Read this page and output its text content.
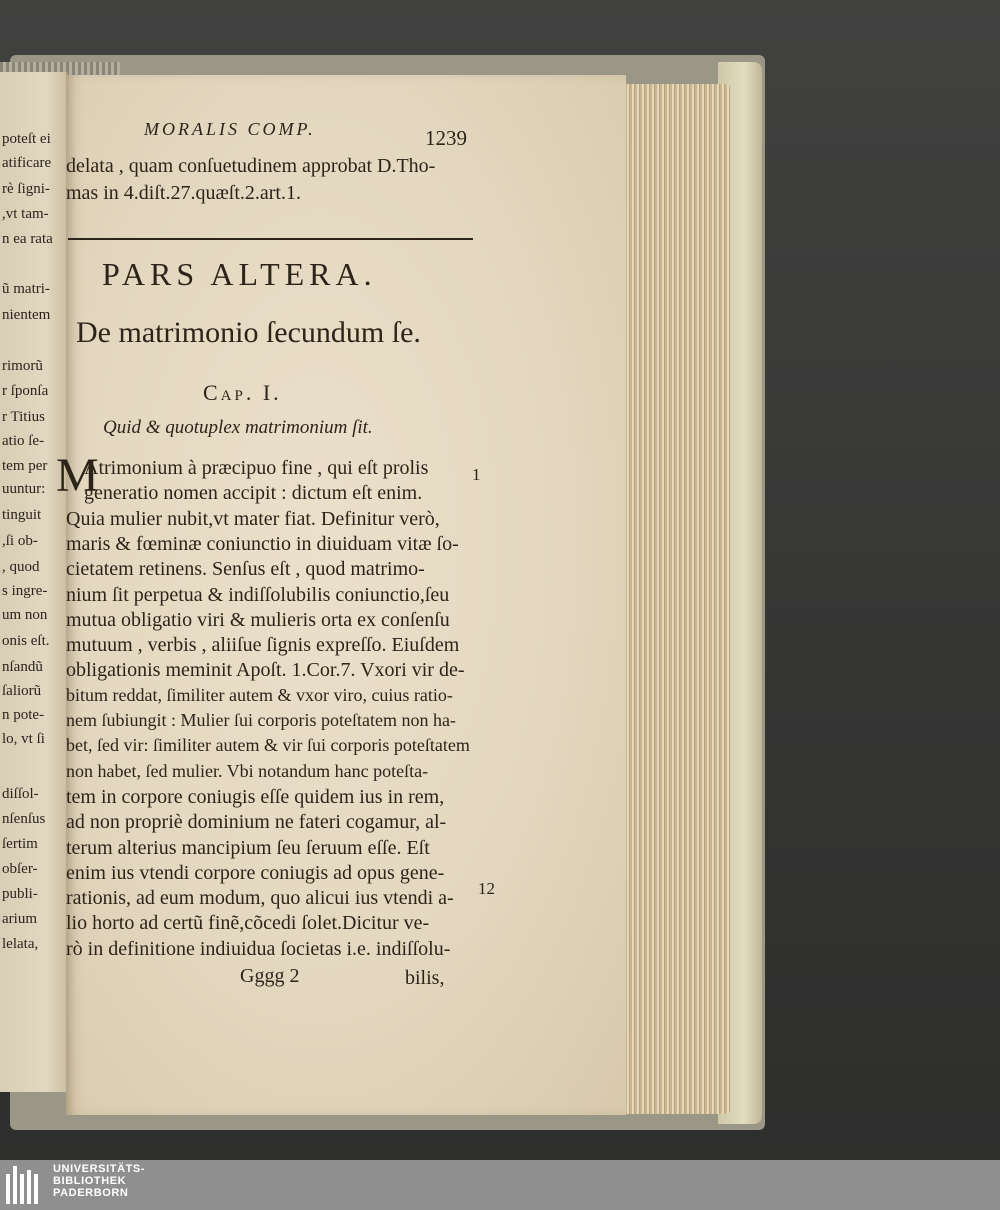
poteſt ei
atificare
rè ſigni-
,vt tam-
n ea rata
ũ matri-
nientem
rimorũ
r ſponſa
r Titius
atio ſe-
tem per
uuntur:
tinguit
,ſi ob-
, quod
s ingre-
um non
onis eſt.
nſandũ
ſaliorũ
n pote-
lo, vt ſi
diſſol-
nſenſus
ſertim
obſer-
publi-
arium
lelata,
MORALIS COMP.	1239
delata , quam conſuetudinem approbat D.Tho-
mas in 4.diſt.27.quæſt.2.art.1.
PARS ALTERA.
De matrimonio ſecundum ſe.
Cap. I.
Quid & quotuplex matrimonium ſit.
M	1
12
Atrimonium à præcipuo fine , qui eſt prolis
generatio nomen accipit : dictum eſt enim.
Quia mulier nubit,vt mater fiat. Definitur verò,
maris & fœminæ coniunctio in diuiduam vitæ ſo-
cietatem retinens. Senſus eſt , quod matrimo-
nium ſit perpetua & indiſſolubilis coniunctio,ſeu
mutua obligatio viri & mulieris orta ex conſenſu
mutuum , verbis , aliiſue ſignis expreſſo. Eiuſdem
obligationis meminit Apoſt. 1.Cor.7. Vxori vir de-
bitum reddat, ſimiliter autem & vxor viro, cuius ratio-
nem ſubiungit : Mulier ſui corporis poteſtatem non ha-
bet, ſed vir: ſimiliter autem & vir ſui corporis poteſtatem
non habet, ſed mulier. Vbi notandum hanc poteſta-
tem in corpore coniugis eſſe quidem ius in rem,
ad non propriè dominium ne fateri cogamur, al-
terum alterius mancipium ſeu ſeruum eſſe. Eſt
enim ius vtendi corpore coniugis ad opus gene-
rationis, ad eum modum, quo alicui ius vtendi a-
lio horto ad certũ finẽ,cõcedi ſolet.Dicitur ve-
rò in definitione indiuidua ſocietas i.e. indiſſolu-
Gggg 2	bilis,
UNIVERSITÄTS-
BIBLIOTHEK
PADERBORN
